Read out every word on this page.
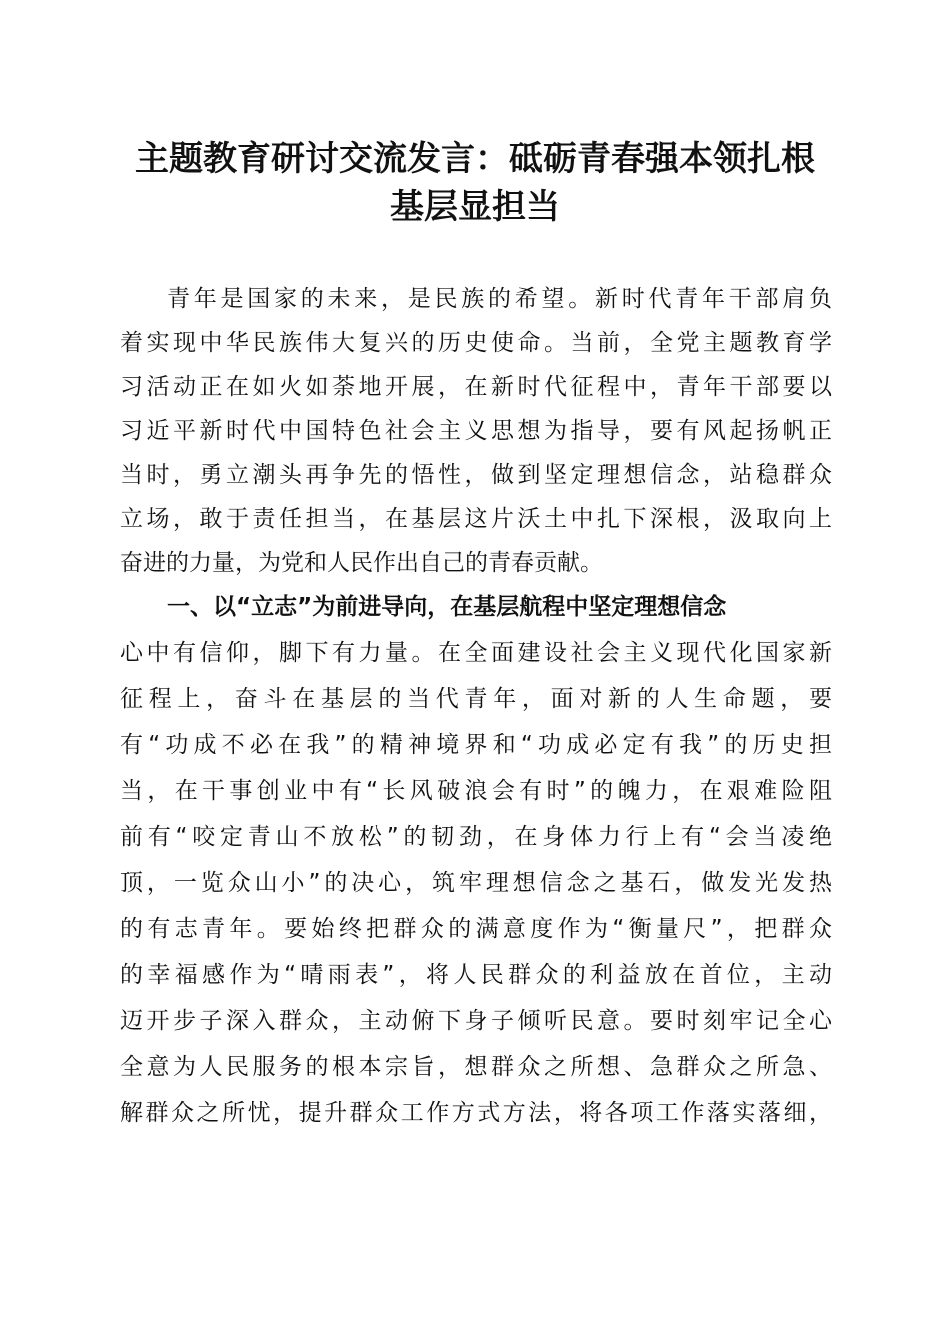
主题教育研讨交流发言：砥砺青春强本领扎根
基层显担当
青年是国家的未来，是民族的希望。新时代青年干部肩负
着实现中华民族伟大复兴的历史使命。当前，全党主题教育学
习活动正在如火如荼地开展，在新时代征程中，青年干部要以
习近平新时代中国特色社会主义思想为指导，要有风起扬帆正
当时，勇立潮头再争先的悟性，做到坚定理想信念，站稳群众
立场，敢于责任担当，在基层这片沃土中扎下深根，汲取向上
奋进的力量，为党和人民作出自己的青春贡献。
一、以“立志”为前进导向，在基层航程中坚定理想信念
心中有信仰，脚下有力量。在全面建设社会主义现代化国家新
征程上，奋斗在基层的当代青年，面对新的人生命题，要
有“功成不必在我”的精神境界和“功成必定有我”的历史担
当，在干事创业中有“长风破浪会有时”的魄力，在艰难险阻
前有“咬定青山不放松”的韧劲，在身体力行上有“会当凌绝
顶，一览众山小”的决心，筑牢理想信念之基石，做发光发热
的有志青年。要始终把群众的满意度作为“衡量尺”，把群众
的幸福感作为“晴雨表”，将人民群众的利益放在首位，主动
迈开步子深入群众，主动俯下身子倾听民意。要时刻牢记全心
全意为人民服务的根本宗旨，想群众之所想、急群众之所急、
解群众之所忧，提升群众工作方式方法，将各项工作落实落细，
